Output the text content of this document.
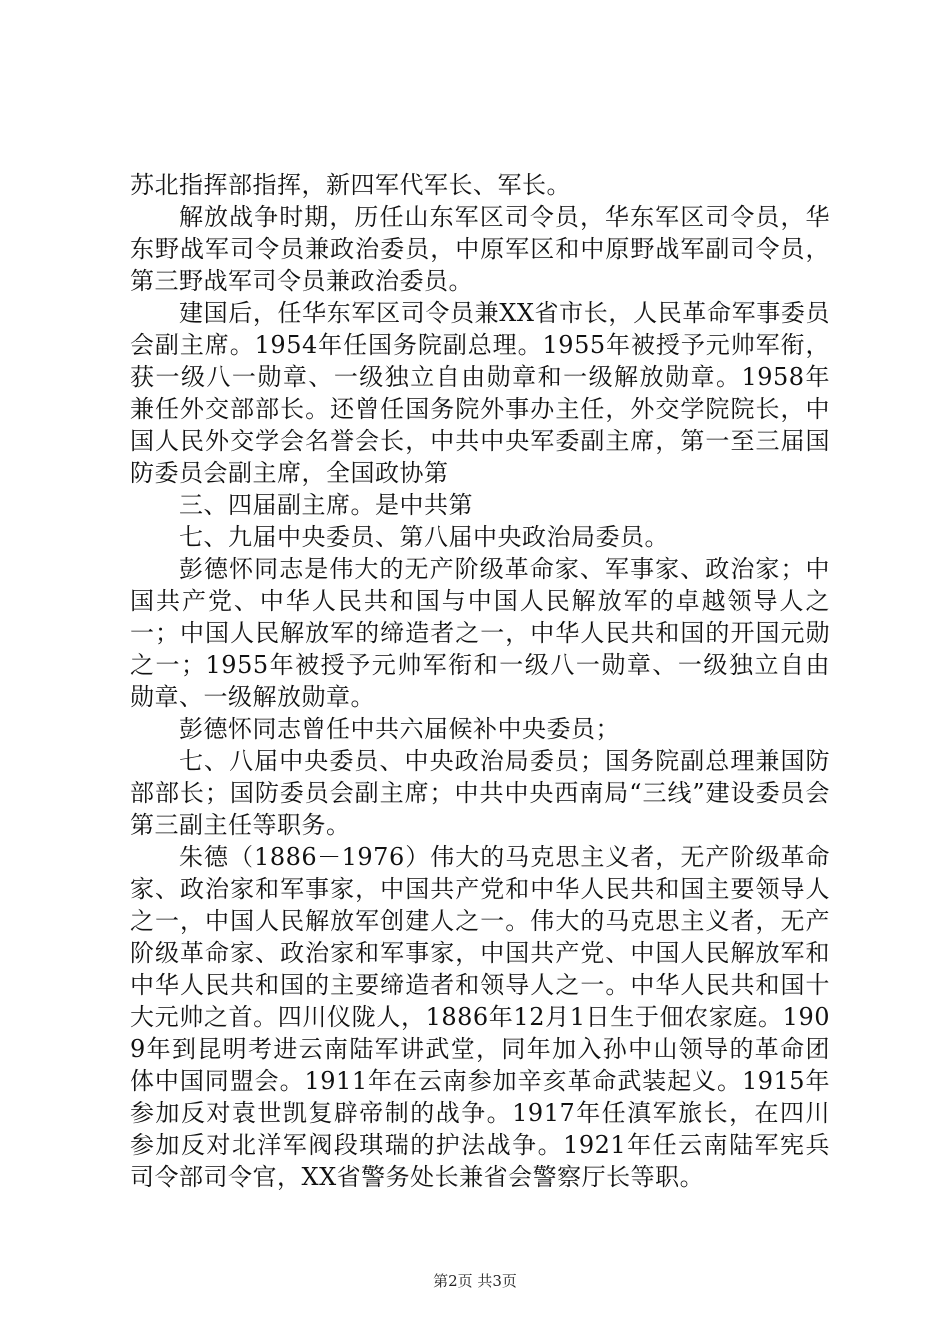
苏北指挥部指挥，新四军代军长、军长。

解放战争时期，历任山东军区司令员，华东军区司令员，华东野战军司令员兼政治委员，中原军区和中原野战军副司令员，第三野战军司令员兼政治委员。

建国后，任华东军区司令员兼XX省市长，人民革命军事委员会副主席。1954年任国务院副总理。1955年被授予元帅军衔，获一级八一勋章、一级独立自由勋章和一级解放勋章。1958年兼任外交部部长。还曾任国务院外事办主任，外交学院院长，中国人民外交学会名誉会长，中共中央军委副主席，第一至三届国防委员会副主席，全国政协第

三、四届副主席。是中共第

七、九届中央委员、第八届中央政治局委员。

彭德怀同志是伟大的无产阶级革命家、军事家、政治家；中国共产党、中华人民共和国与中国人民解放军的卓越领导人之一；中国人民解放军的缔造者之一，中华人民共和国的开国元勋之一；1955年被授予元帅军衔和一级八一勋章、一级独立自由勋章、一级解放勋章。

彭德怀同志曾任中共六届候补中央委员；

七、八届中央委员、中央政治局委员；国务院副总理兼国防部部长；国防委员会副主席；中共中央西南局“三线”建设委员会第三副主任等职务。

朱德（1886－1976）伟大的马克思主义者，无产阶级革命家、政治家和军事家，中国共产党和中华人民共和国主要领导人之一，中国人民解放军创建人之一。伟大的马克思主义者，无产阶级革命家、政治家和军事家，中国共产党、中国人民解放军和中华人民共和国的主要缔造者和领导人之一。中华人民共和国十大元帅之首。四川仪陇人，1886年12月1日生于佃农家庭。1909年到昆明考进云南陆军讲武堂，同年加入孙中山领导的革命团体中国同盟会。1911年在云南参加辛亥革命武装起义。1915年参加反对袁世凯复辟帝制的战争。1917年任滇军旅长，在四川参加反对北洋军阀段琪瑞的护法战争。1921年任云南陆军宪兵司令部司令官，XX省警务处长兼省会警察厅长等职。

第2页 共3页
